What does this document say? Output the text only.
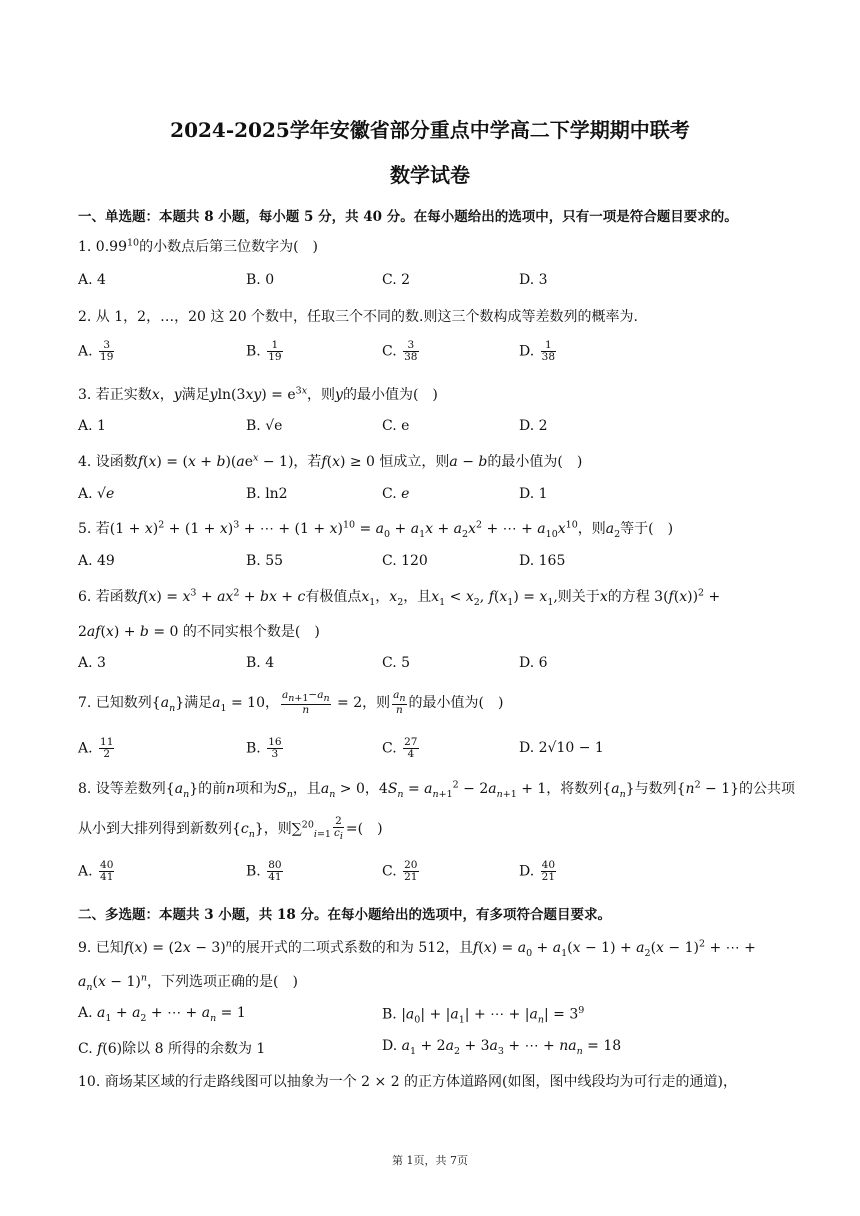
2024-2025学年安徽省部分重点中学高二下学期期中联考
数学试卷
一、单选题：本题共 8 小题，每小题 5 分，共 40 分。在每小题给出的选项中，只有一项是符合题目要求的。
1. 0.99$^{10}$的小数点后第三位数字为(　)
A. 4	B. 0	C. 2	D. 3
2. 从 1，2，…，20 这 20 个数中，任取三个不同的数.则这三个数构成等差数列的概率为.
A. $\frac{3}{19}$	B. $\frac{1}{19}$	C. $\frac{3}{38}$	D. $\frac{1}{38}$
3. 若正实数x，y满足$yln(3xy) = e^{3x}$，则y的最小值为(　)
A. 1	B. √e	C. e	D. 2
4. 设函数$f(x) = (x + b)(ae^x - 1)$，若f(x) ≥ 0 恒成立，则a − b的最小值为(　)
A. √e	B. ln2	C. e	D. 1
5. 若$(1 + x)^2 + (1 + x)^3$ + ⋯ + $(1 + x)^{10} = a_0 + a_1x + a_2x^2$ + ⋯ + $a_{10}x^{10}$，则$a_2$等于(　)
A. 49	B. 55	C. 120	D. 165
6. 若函数$f(x) = x^3 + ax^2$ + bx + c有极值点$x_1$，$x_2$，且$x_1 < x_2$, $f(x_1) = x_1$,则关于x的方程 $3(f(x))^2$ +
2af(x) + b = 0 的不同实根个数是(　)
A. 3	B. 4	C. 5	D. 6
7. 已知数列$\{a_n\}$满足$a_1 = 10$， $\frac{a_{n+1}-a_n}{n} = 2$，则 $\frac{a_n}{n}$ 的最小值为(　)
A. $\frac{11}{2}$	B. $\frac{16}{3}$	C. $\frac{27}{4}$	D. 2√10 − 1
8. 设等差数列$\{a_n\}$的前n项和为$S_n$，且$a_n > 0$，$4S_n = a_{n+1}^2 - 2a_{n+1} + 1$，将数列$\{a_n\}$与数列$\{n^2 - 1\}$的公共项
从小到大排列得到新数列$\{c_n\}$，则$\sum^{20}_{i=1} \frac{2}{c_i}$ =(　)
A. $\frac{40}{41}$	B. $\frac{80}{41}$	C. $\frac{20}{21}$	D. $\frac{40}{21}$
二、多选题：本题共 3 小题，共 18 分。在每小题给出的选项中，有多项符合题目要求。
9. 已知$f(x) = (2x - 3)^n$的展开式的二项式系数的和为 512，且$f(x) = a_0 + a_1(x - 1) + a_2(x - 1)^2$ + ⋯ +
$a_n(x - 1)^n$，下列选项正确的是(　)
A. $a_1 + a_2$ + ⋯ + $a_n = 1$	B. $|a_0| + |a_1|$ + ⋯ + $|a_n| = 3^9$
C. f(6)除以 8 所得的余数为 1	D. $a_1 + 2a_2 + 3a_3$ + ⋯ + $na_n = 18$
10. 商场某区域的行走路线图可以抽象为一个 2 × 2 的正方体道路网(如图，图中线段均为可行走的通道)，
第 1页，共 7页
